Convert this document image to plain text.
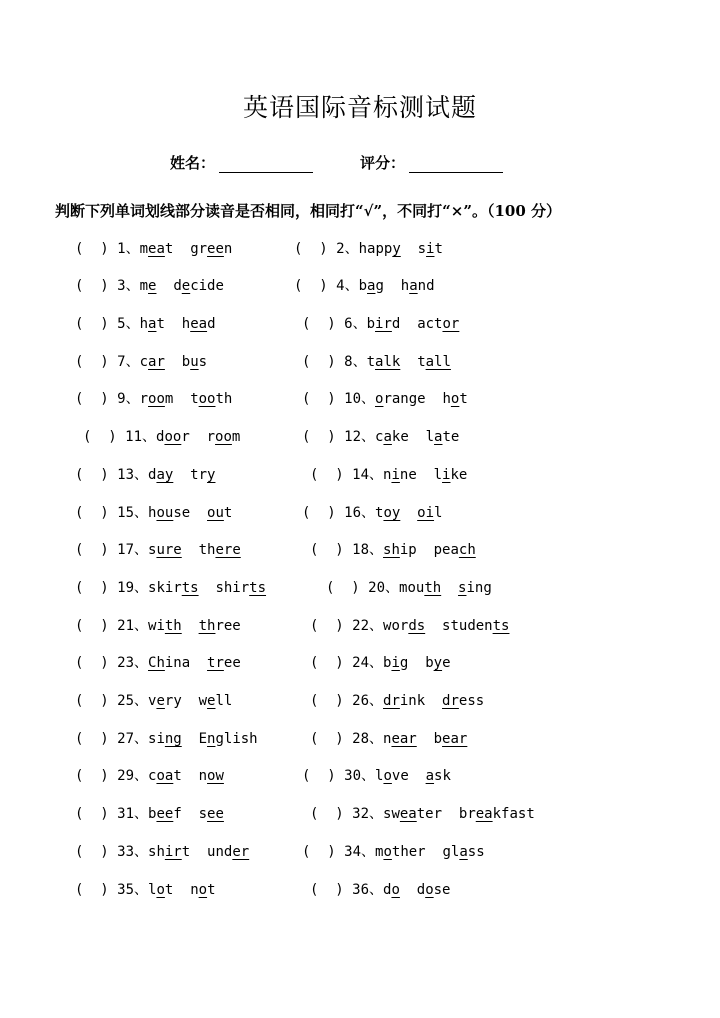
英语国际音标测试题
姓名：	评分：
判断下列单词划线部分读音是否相同，相同打“√”，不同打“×”。（100 分）
(  ) 1、meat green	(  ) 2、happy sit
(  ) 3、me decide	(  ) 4、bag hand
(  ) 5、hat head	(  ) 6、bird actor
(  ) 7、car bus	(  ) 8、talk tall
(  ) 9、room tooth	(  ) 10、orange hot
(  ) 11、door room	(  ) 12、cake late
(  ) 13、day try	(  ) 14、nine like
(  ) 15、house out	(  ) 16、toy oil
(  ) 17、sure there	(  ) 18、ship peach
(  ) 19、skirts shirts	(  ) 20、mouth sing
(  ) 21、with three	(  ) 22、words students
(  ) 23、China tree	(  ) 24、big bye
(  ) 25、very well	(  ) 26、drink dress
(  ) 27、sing English	(  ) 28、near bear
(  ) 29、coat now	(  ) 30、love ask
(  ) 31、beef see	(  ) 32、sweater breakfast
(  ) 33、shirt under	(  ) 34、mother glass
(  ) 35、lot not	(  ) 36、do dose
